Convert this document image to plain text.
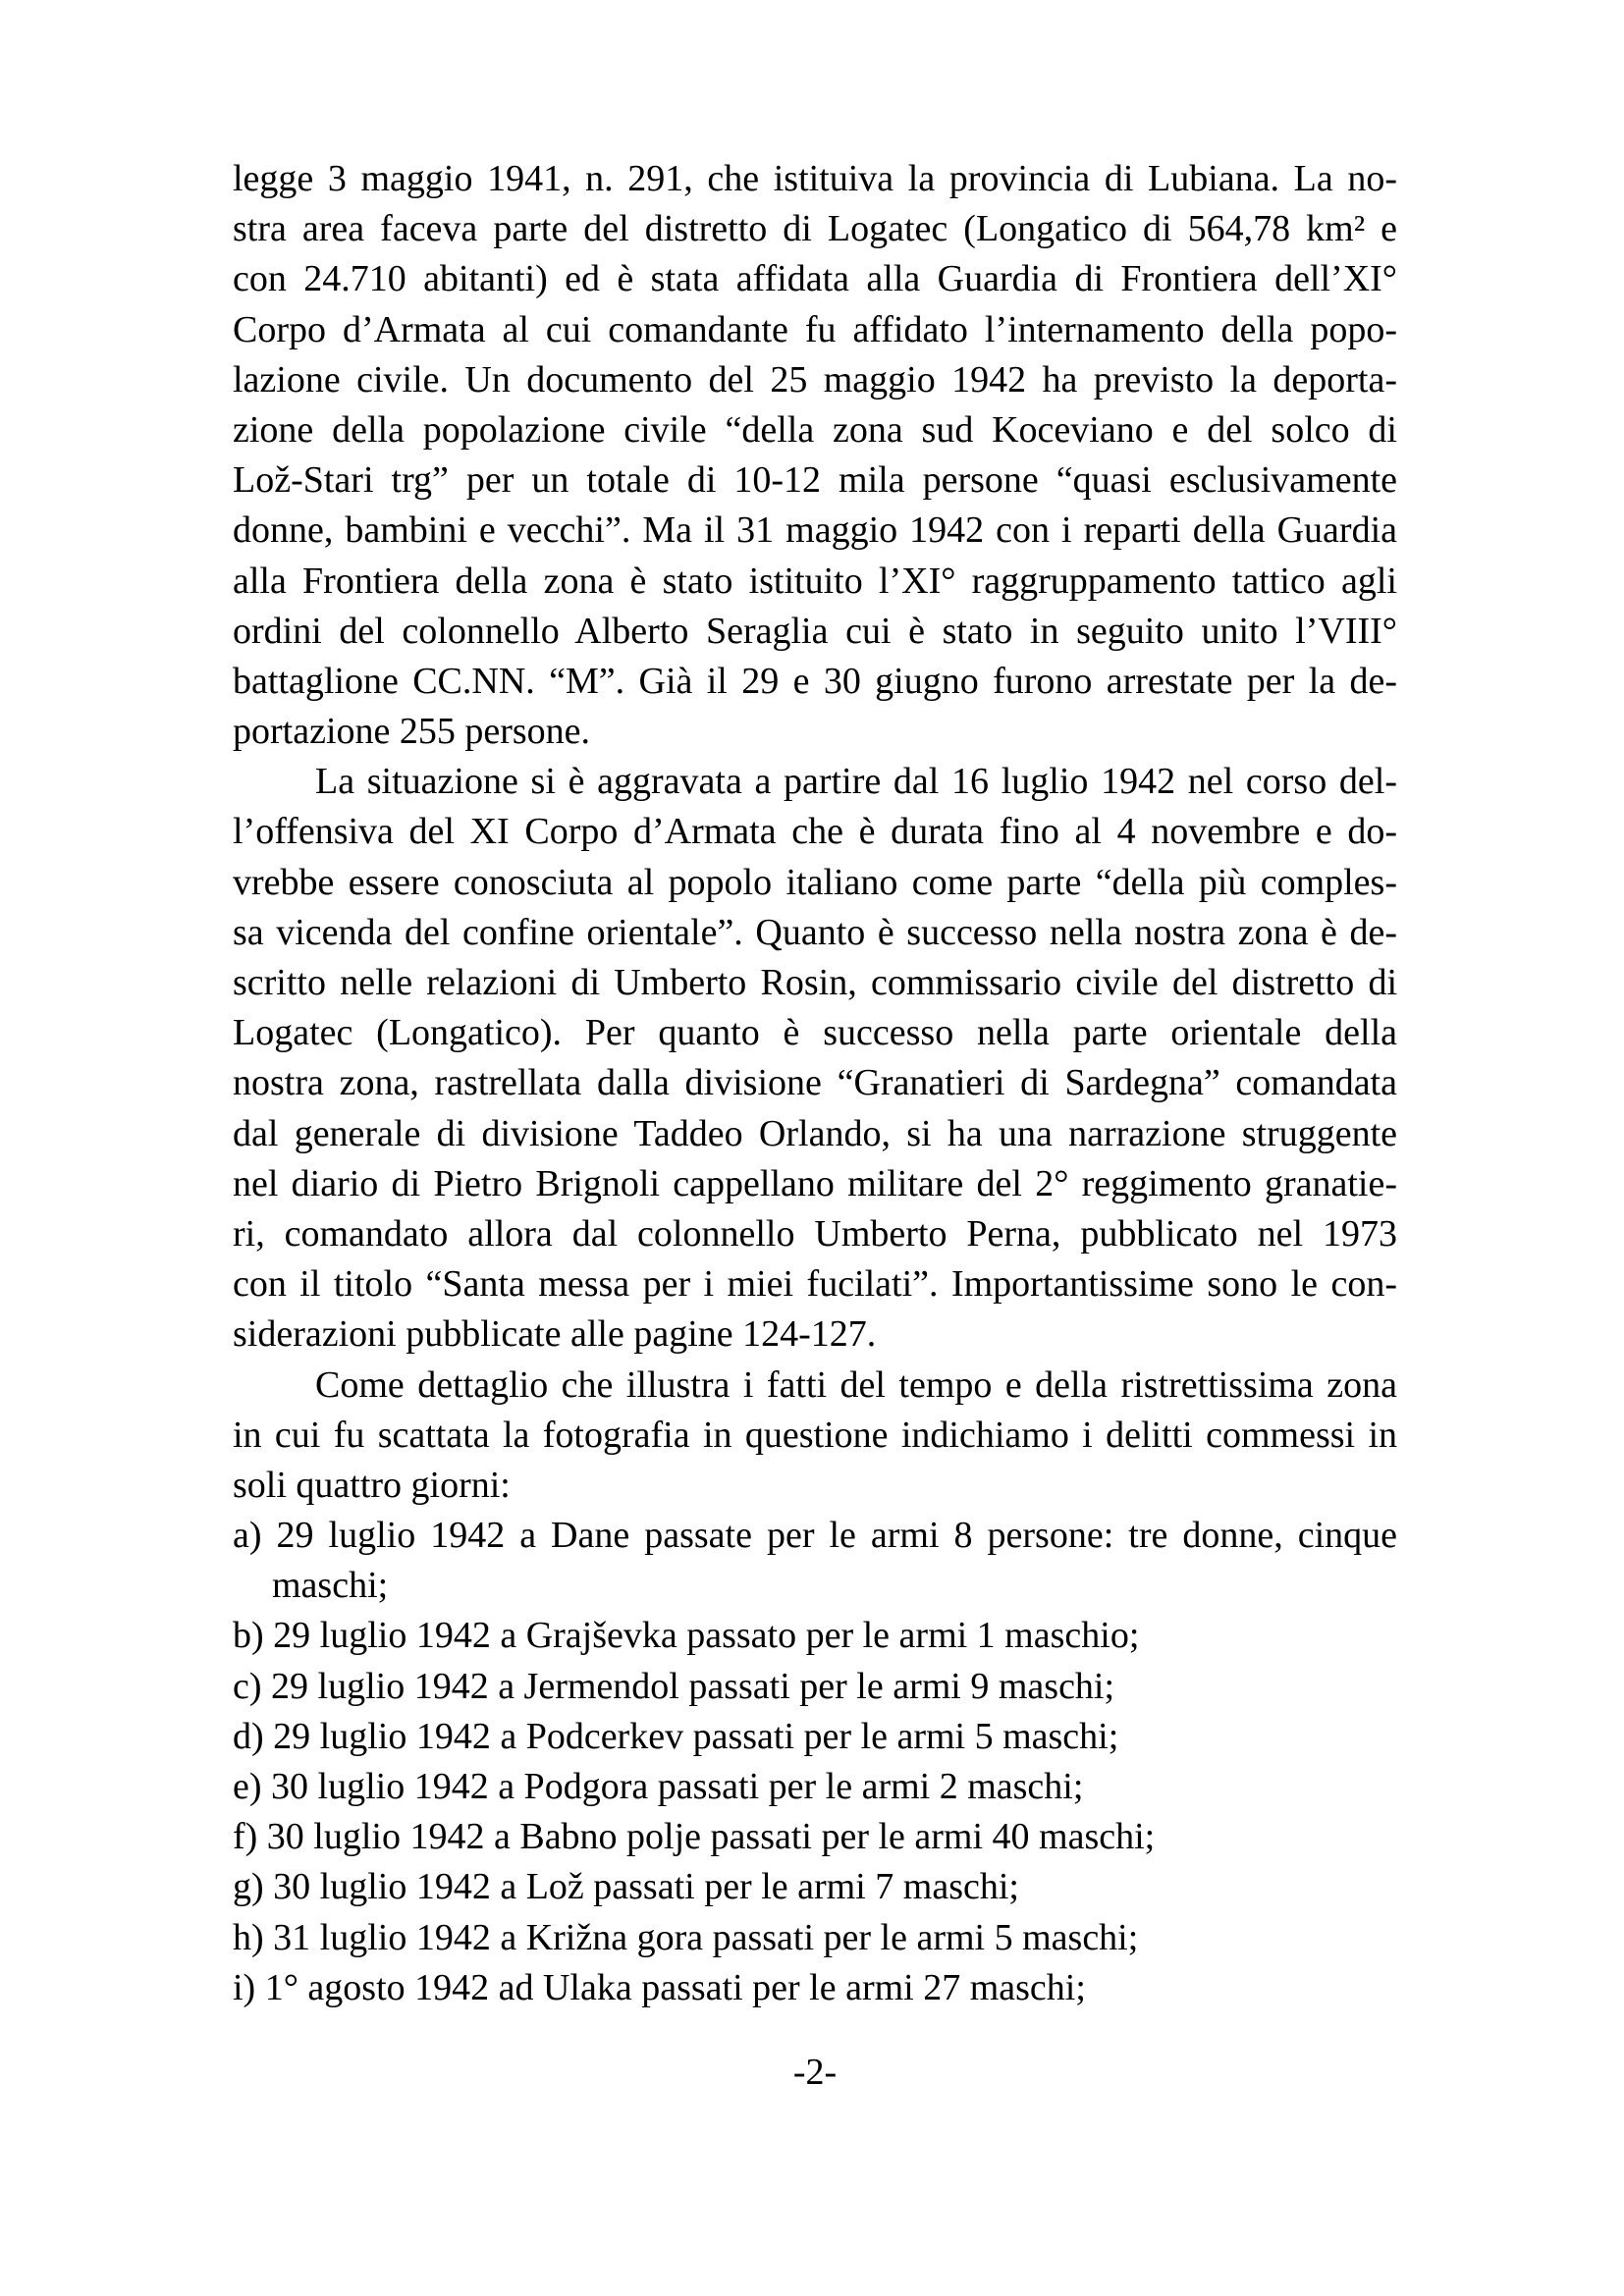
legge 3 maggio 1941, n. 291, che istituiva la provincia di Lubiana. La no-
stra area faceva parte del distretto di Logatec (Longatico di 564,78 km² e
con 24.710 abitanti) ed è stata affidata alla Guardia di Frontiera dell’XI°
Corpo d’Armata al cui comandante fu affidato l’internamento della popo-
lazione civile. Un documento del 25 maggio 1942 ha previsto la deporta-
zione della popolazione civile “della zona sud Koceviano e del solco di
Lož-Stari trg” per un totale di 10-12 mila persone “quasi esclusivamente
donne, bambini e vecchi”. Ma il 31 maggio 1942 con i reparti della Guardia
alla Frontiera della zona è stato istituito l’XI° raggruppamento tattico agli
ordini del colonnello Alberto Seraglia cui è stato in seguito unito l’VIII°
battaglione CC.NN. “M”. Già il 29 e 30 giugno furono arrestate per la de-
portazione 255 persone.
La situazione si è aggravata a partire dal 16 luglio 1942 nel corso del-
l’offensiva del XI Corpo d’Armata che è durata fino al 4 novembre e do-
vrebbe essere conosciuta al popolo italiano come parte “della più comples-
sa vicenda del confine orientale”. Quanto è successo nella nostra zona è de-
scritto nelle relazioni di Umberto Rosin, commissario civile del distretto di
Logatec (Longatico). Per quanto è successo nella parte orientale della
nostra zona, rastrellata dalla divisione “Granatieri di Sardegna” comandata
dal generale di divisione Taddeo Orlando, si ha una narrazione struggente
nel diario di Pietro Brignoli cappellano militare del 2° reggimento granatie-
ri, comandato allora dal colonnello Umberto Perna, pubblicato nel 1973
con il titolo “Santa messa per i miei fucilati”. Importantissime sono le con-
siderazioni pubblicate alle pagine 124-127.
Come dettaglio che illustra i fatti del tempo e della ristrettissima zona
in cui fu scattata la fotografia in questione indichiamo i delitti commessi in
soli quattro giorni:
a) 29 luglio 1942 a Dane passate per le armi 8 persone: tre donne, cinque
maschi;
b) 29 luglio 1942 a Grajševka passato per le armi 1 maschio;
c) 29 luglio 1942 a Jermendol passati per le armi 9 maschi;
d) 29 luglio 1942 a Podcerkev passati per le armi 5 maschi;
e) 30 luglio 1942 a Podgora passati per le armi 2 maschi;
f) 30 luglio 1942 a Babno polje passati per le armi 40 maschi;
g) 30 luglio 1942 a Lož passati per le armi 7 maschi;
h) 31 luglio 1942 a Križna gora passati per le armi 5 maschi;
i) 1° agosto 1942 ad Ulaka passati per le armi 27 maschi;
-2-
